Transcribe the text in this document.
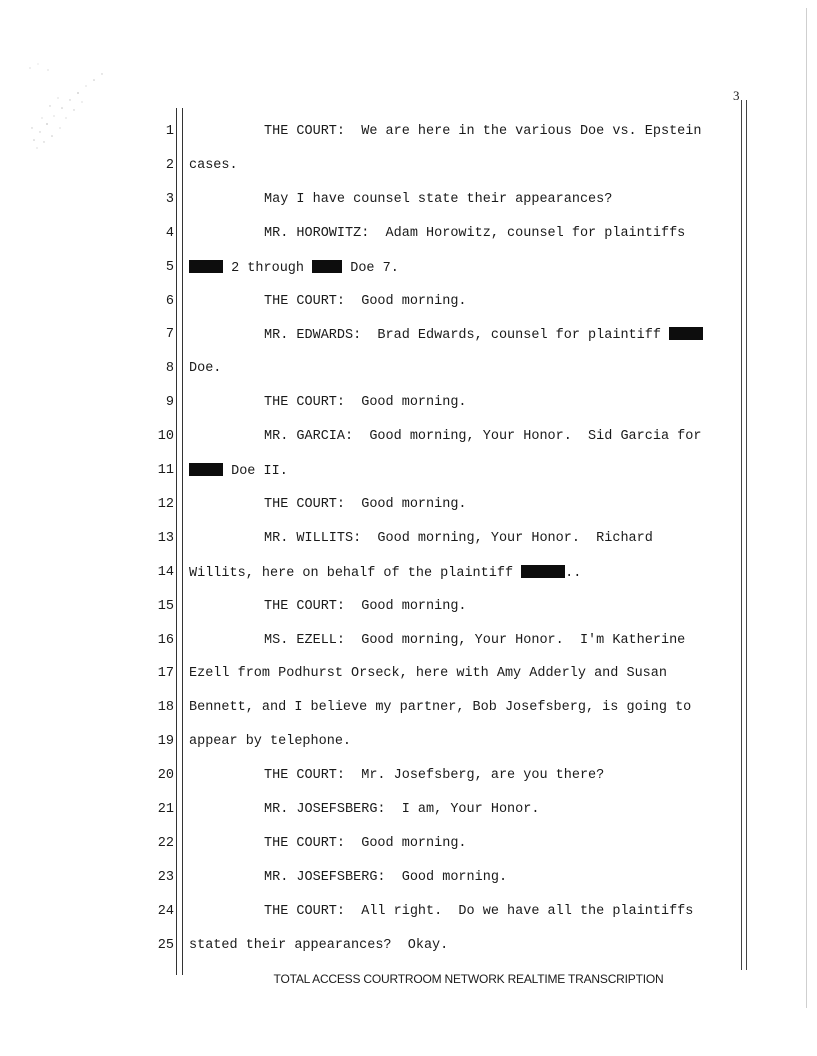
3
1	THE COURT:  We are here in the various Doe vs. Epstein
2 cases.
3	May I have counsel state their appearances?
4	MR. HOROWITZ:  Adam Horowitz, counsel for plaintiffs
5	2 through  Doe 7.
6	THE COURT:  Good morning.
7	MR. EDWARDS:  Brad Edwards, counsel for plaintiff
8 Doe.
9	THE COURT:  Good morning.
10	MR. GARCIA:  Good morning, Your Honor.  Sid Garcia for
11	Doe II.
12	THE COURT:  Good morning.
13	MR. WILLITS:  Good morning, Your Honor.  Richard
14 Willits, here on behalf of the plaintiff	..
15	THE COURT:  Good morning.
16	MS. EZELL:  Good morning, Your Honor.  I'm Katherine
17 Ezell from Podhurst Orseck, here with Amy Adderly and Susan
18 Bennett, and I believe my partner, Bob Josefsberg, is going to
19 appear by telephone.
20	THE COURT:  Mr. Josefsberg, are you there?
21	MR. JOSEFSBERG:  I am, Your Honor.
22	THE COURT:  Good morning.
23	MR. JOSEFSBERG:  Good morning.
24	THE COURT:  All right.  Do we have all the plaintiffs
25 stated their appearances?  Okay.
TOTAL ACCESS COURTROOM NETWORK REALTIME TRANSCRIPTION
